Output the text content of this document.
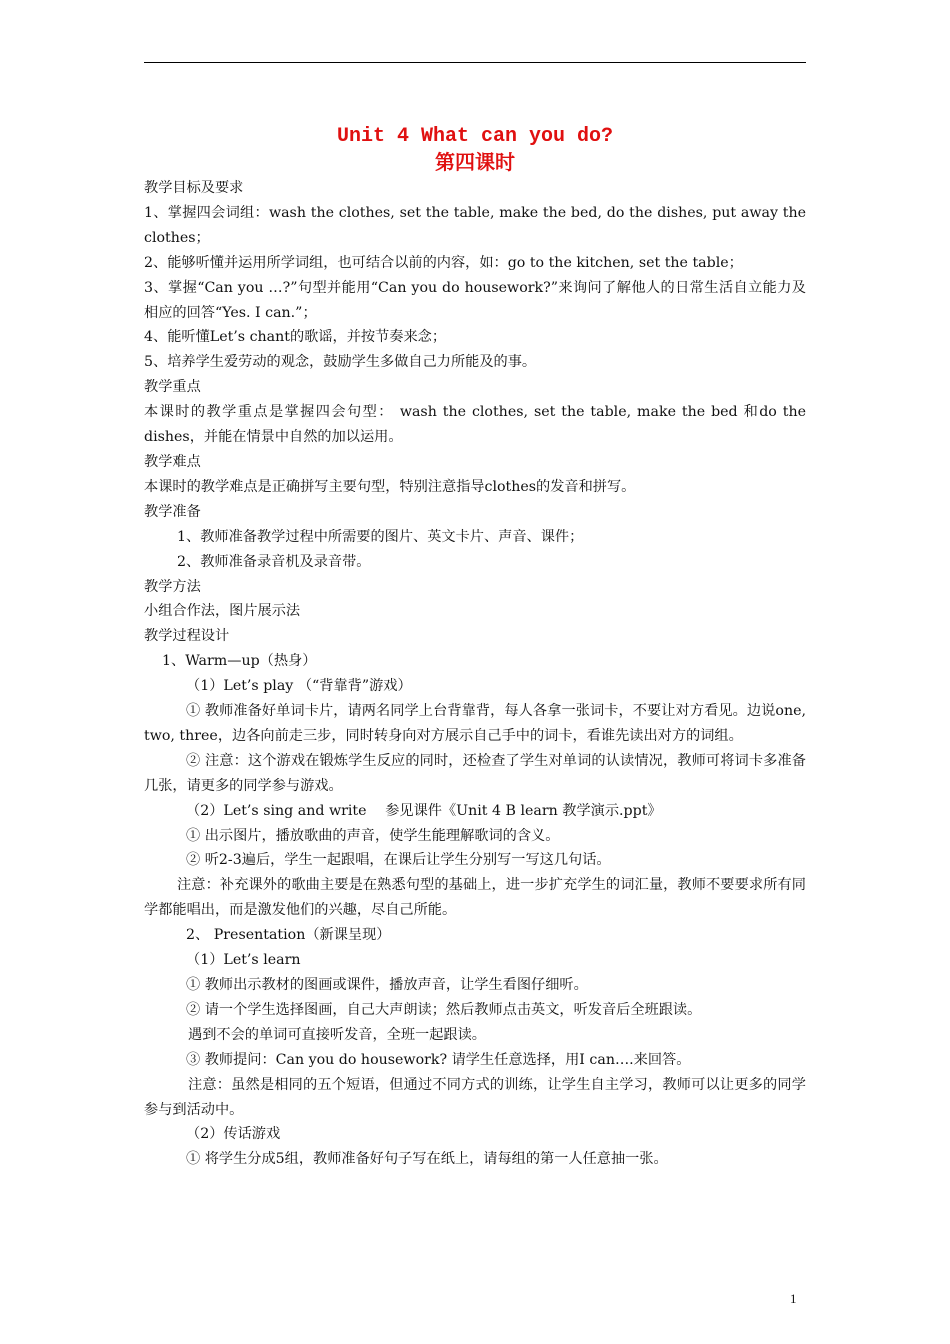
Unit 4 What can you do?
第四课时

教学目标及要求

1、掌握四会词组：wash the clothes, set the table, make the bed, do the dishes, put away the clothes；

2、能够听懂并运用所学词组，也可结合以前的内容，如：go to the kitchen, set the table；

3、掌握“Can you …?”句型并能用“Can you do housework?”来询问了解他人的日常生活自立能力及相应的回答“Yes. I can.”；

4、能听懂Let’s chant的歌谣，并按节奏来念；

5、培养学生爱劳动的观念，鼓励学生多做自己力所能及的事。

教学重点

本课时的教学重点是掌握四会句型： wash the clothes, set the table, make the bed 和do the dishes，并能在情景中自然的加以运用。

教学难点

本课时的教学难点是正确拼写主要句型，特别注意指导clothes的发音和拼写。

教学准备

1、教师准备教学过程中所需要的图片、英文卡片、声音、课件；

2、教师准备录音机及录音带。

教学方法

小组合作法，图片展示法

教学过程设计

1、Warm—up（热身）

（1）Let’s play （“背靠背”游戏）

① 教师准备好单词卡片，请两名同学上台背靠背，每人各拿一张词卡，不要让对方看见。边说one, two, three，边各向前走三步，同时转身向对方展示自己手中的词卡，看谁先读出对方的词组。

② 注意：这个游戏在锻炼学生反应的同时，还检查了学生对单词的认读情况，教师可将词卡多准备几张，请更多的同学参与游戏。

（2）Let’s sing and write　 参见课件《Unit 4 B learn 教学演示.ppt》

① 出示图片，播放歌曲的声音，使学生能理解歌词的含义。

② 听2-3遍后，学生一起跟唱，在课后让学生分别写一写这几句话。

注意：补充课外的歌曲主要是在熟悉句型的基础上，进一步扩充学生的词汇量，教师不要要求所有同学都能唱出，而是激发他们的兴趣，尽自己所能。

2、 Presentation（新课呈现）

（1）Let’s learn

① 教师出示教材的图画或课件，播放声音，让学生看图仔细听。

② 请一个学生选择图画，自己大声朗读；然后教师点击英文，听发音后全班跟读。

遇到不会的单词可直接听发音，全班一起跟读。

③ 教师提问：Can you do housework? 请学生任意选择，用I can….来回答。

注意：虽然是相同的五个短语，但通过不同方式的训练，让学生自主学习，教师可以让更多的同学参与到活动中。

（2）传话游戏

① 将学生分成5组，教师准备好句子写在纸上，请每组的第一人任意抽一张。

1
